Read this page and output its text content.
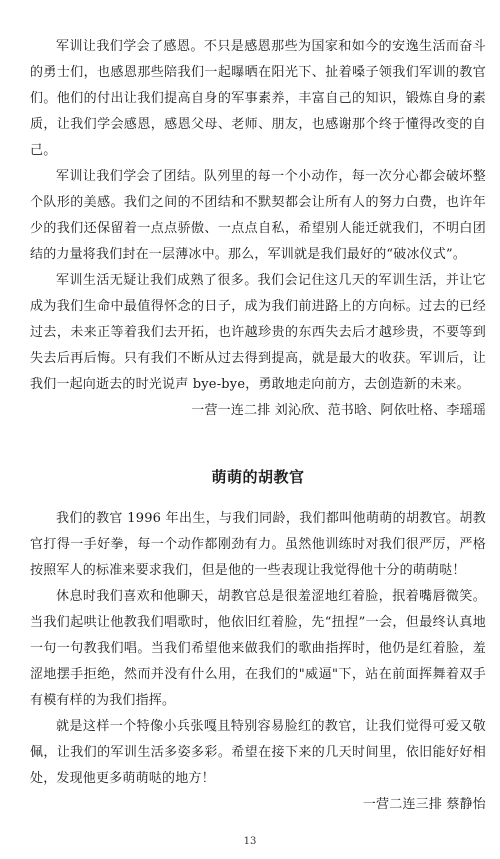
军训让我们学会了感恩。不只是感恩那些为国家和如今的安逸生活而奋斗的勇士们，也感恩那些陪我们一起曝晒在阳光下、扯着嗓子领我们军训的教官们。他们的付出让我们提高自身的军事素养，丰富自己的知识，锻炼自身的素质，让我们学会感恩，感恩父母、老师、朋友，也感谢那个终于懂得改变的自己。

军训让我们学会了团结。队列里的每一个小动作，每一次分心都会破坏整个队形的美感。我们之间的不团结和不默契都会让所有人的努力白费，也许年少的我们还保留着一点点骄傲、一点点自私，希望别人能迁就我们，不明白团结的力量将我们封在一层薄冰中。那么，军训就是我们最好的“破冰仪式”。

军训生活无疑让我们成熟了很多。我们会记住这几天的军训生活，并让它成为我们生命中最值得怀念的日子，成为我们前进路上的方向标。过去的已经过去，未来正等着我们去开拓，也许越珍贵的东西失去后才越珍贵，不要等到失去后再后悔。只有我们不断从过去得到提高，就是最大的收获。军训后，让我们一起向逝去的时光说声 bye-bye，勇敢地走向前方，去创造新的未来。

一营一连二排 刘沁欣、范书晗、阿依吐格、李瑶瑶

萌萌的胡教官

我们的教官 1996 年出生，与我们同龄，我们都叫他萌萌的胡教官。胡教官打得一手好拳，每一个动作都刚劲有力。虽然他训练时对我们很严厉，严格按照军人的标准来要求我们，但是他的一些表现让我觉得他十分的萌萌哒！

休息时我们喜欢和他聊天，胡教官总是很羞涩地红着脸，抿着嘴唇微笑。当我们起哄让他教我们唱歌时，他依旧红着脸，先“扭捏”一会，但最终认真地一句一句教我们唱。当我们希望他来做我们的歌曲指挥时，他仍是红着脸，羞涩地摆手拒绝，然而并没有什么用，在我们的"威逼"下，站在前面挥舞着双手有模有样的为我们指挥。

就是这样一个特像小兵张嘎且特别容易脸红的教官，让我们觉得可爱又敬佩，让我们的军训生活多姿多彩。希望在接下来的几天时间里，依旧能好好相处，发现他更多萌萌哒的地方！

一营二连三排 蔡静怡

13
